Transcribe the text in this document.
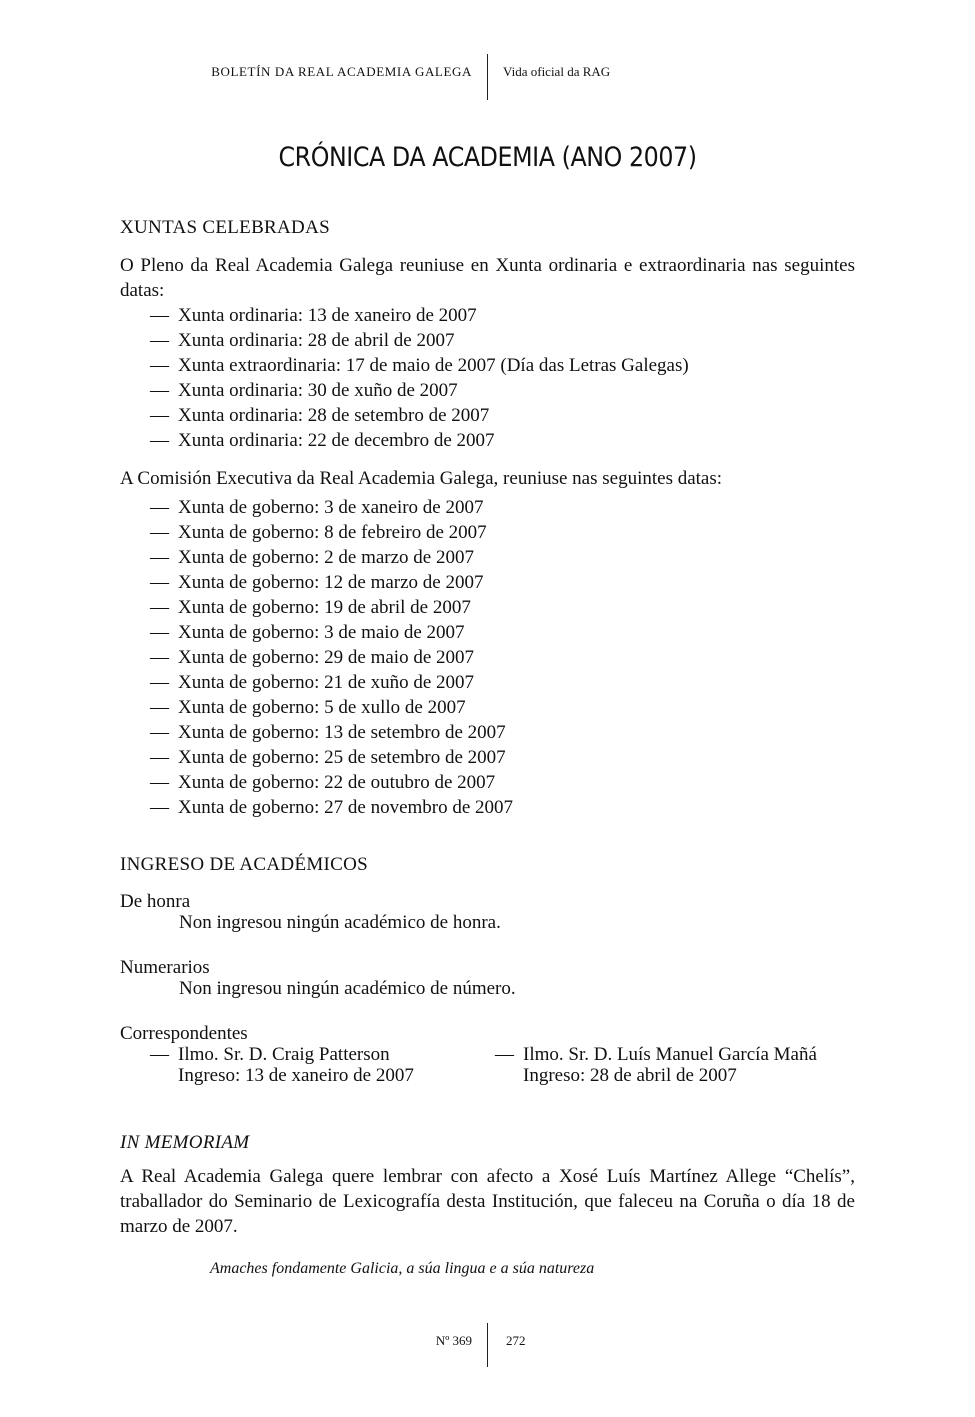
BOLETÍN DA REAL ACADEMIA GALEGA Vida oficial da RAG
CRÓNICA DA ACADEMIA (ANO 2007)
XUNTAS CELEBRADAS
O Pleno da Real Academia Galega reuniuse en Xunta ordinaria e extraordinaria nas seguintes datas:
— Xunta ordinaria: 13 de xaneiro de 2007
— Xunta ordinaria: 28 de abril de 2007
— Xunta extraordinaria: 17 de maio de 2007 (Día das Letras Galegas)
— Xunta ordinaria: 30 de xuño de 2007
— Xunta ordinaria: 28 de setembro de 2007
— Xunta ordinaria: 22 de decembro de 2007
A Comisión Executiva da Real Academia Galega, reuniuse nas seguintes datas:
— Xunta de goberno: 3 de xaneiro de 2007
— Xunta de goberno: 8 de febreiro de 2007
— Xunta de goberno: 2 de marzo de 2007
— Xunta de goberno: 12 de marzo de 2007
— Xunta de goberno: 19 de abril de 2007
— Xunta de goberno: 3 de maio de 2007
— Xunta de goberno: 29 de maio de 2007
— Xunta de goberno: 21 de xuño de 2007
— Xunta de goberno: 5 de xullo de 2007
— Xunta de goberno: 13 de setembro de 2007
— Xunta de goberno: 25 de setembro de 2007
— Xunta de goberno: 22 de outubro de 2007
— Xunta de goberno: 27 de novembro de 2007
INGRESO DE ACADÉMICOS
De honra
Non ingresou ningún académico de honra.
Numerarios
Non ingresou ningún académico de número.
Correspondentes
— Ilmo. Sr. D. Craig Patterson
Ingreso: 13 de xaneiro de 2007
— Ilmo. Sr. D. Luís Manuel García Mañá
Ingreso: 28 de abril de 2007
IN MEMORIAM
A Real Academia Galega quere lembrar con afecto a Xosé Luís Martínez Allege “Chelís”, traballador do Seminario de Lexicografía desta Institución, que faleceu na Coruña o día 18 de marzo de 2007.
Amaches fondamente Galicia, a súa lingua e a súa natureza
Nº 369	272
